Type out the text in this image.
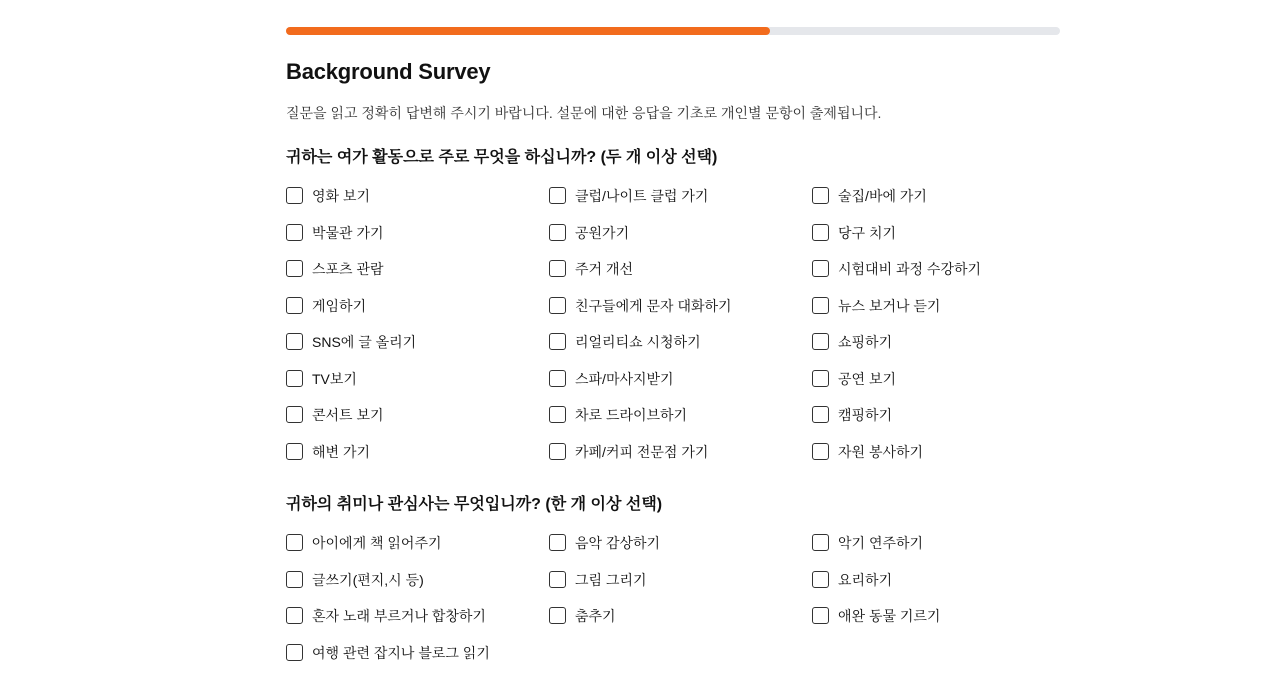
Background Survey
질문을 읽고 정확히 답변해 주시기 바랍니다. 설문에 대한 응답을 기초로 개인별 문항이 출제됩니다.
귀하는 여가 활동으로 주로 무엇을 하십니까? (두 개 이상 선택)
영화 보기	클럽/나이트 클럽 가기	술집/바에 가기
박물관 가기	공원가기	당구 치기
스포츠 관람	주거 개선	시험대비 과정 수강하기
게임하기	친구들에게 문자 대화하기	뉴스 보거나 듣기
SNS에 글 올리기	리얼리티쇼 시청하기	쇼핑하기
TV보기	스파/마사지받기	공연 보기
콘서트 보기	차로 드라이브하기	캠핑하기
해변 가기	카페/커피 전문점 가기	자원 봉사하기
귀하의 취미나 관심사는 무엇입니까? (한 개 이상 선택)
아이에게 책 읽어주기	음악 감상하기	악기 연주하기
글쓰기(편지,시 등)	그림 그리기	요리하기
혼자 노래 부르거나 합창하기	춤추기	애완 동물 기르기
여행 관련 잡지나 블로그 읽기
